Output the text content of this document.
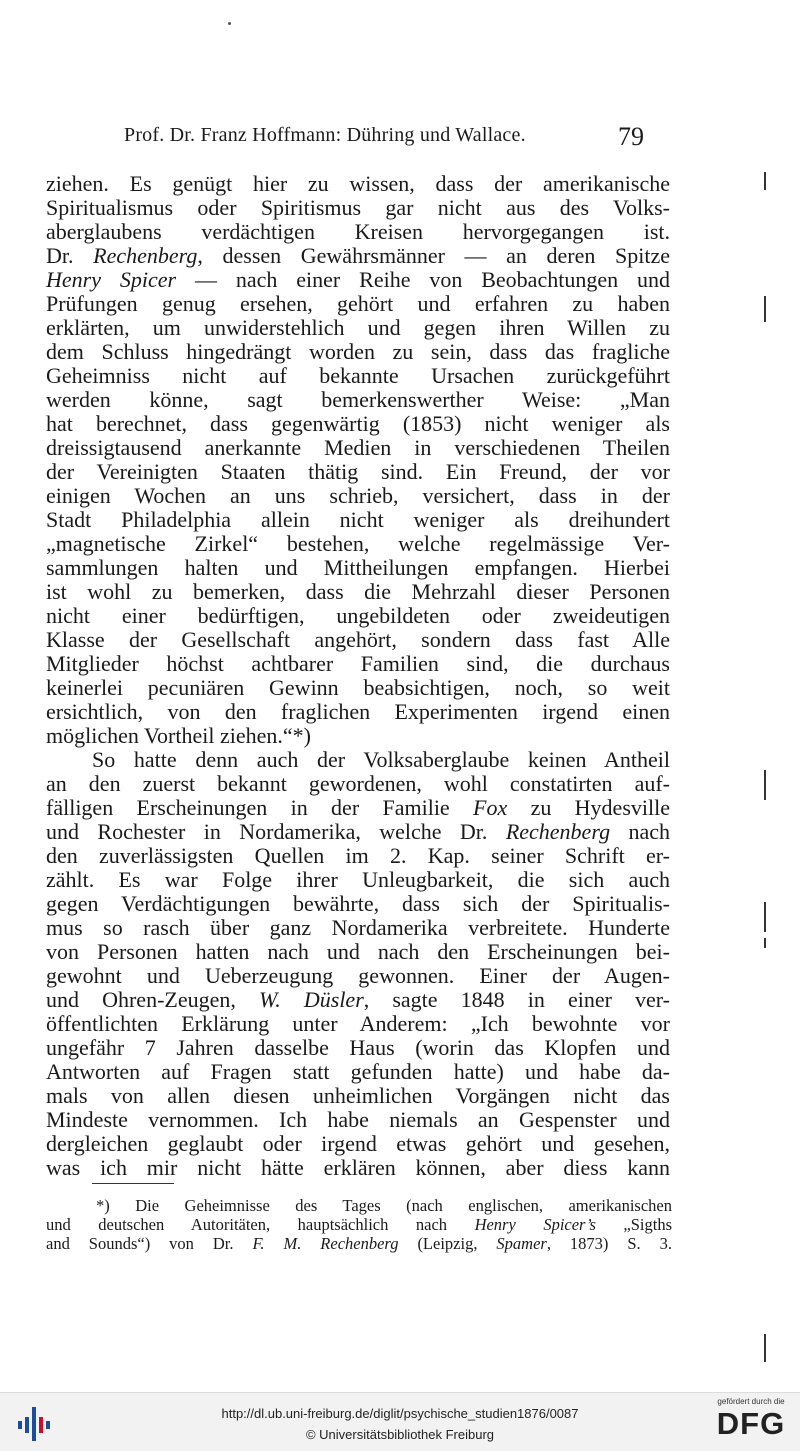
Prof. Dr. Franz Hoffmann: Dühring und Wallace.	79
ziehen. Es genügt hier zu wissen, dass der amerikanische
Spiritualismus oder Spiritismus gar nicht aus des Volks-
aberglaubens verdächtigen Kreisen hervorgegangen ist.
Dr. Rechenberg, dessen Gewährsmänner — an deren Spitze
Henry Spicer — nach einer Reihe von Beobachtungen und
Prüfungen genug ersehen, gehört und erfahren zu haben
erklärten, um unwiderstehlich und gegen ihren Willen zu
dem Schluss hingedrängt worden zu sein, dass das fragliche
Geheimniss nicht auf bekannte Ursachen zurückgeführt
werden könne, sagt bemerkenswerther Weise: „Man
hat berechnet, dass gegenwärtig (1853) nicht weniger als
dreissigtausend anerkannte Medien in verschiedenen Theilen
der Vereinigten Staaten thätig sind. Ein Freund, der vor
einigen Wochen an uns schrieb, versichert, dass in der
Stadt Philadelphia allein nicht weniger als dreihundert
„magnetische Zirkel“ bestehen, welche regelmässige Ver-
sammlungen halten und Mittheilungen empfangen. Hierbei
ist wohl zu bemerken, dass die Mehrzahl dieser Personen
nicht einer bedürftigen, ungebildeten oder zweideutigen
Klasse der Gesellschaft angehört, sondern dass fast Alle
Mitglieder höchst achtbarer Familien sind, die durchaus
keinerlei pecuniären Gewinn beabsichtigen, noch, so weit
ersichtlich, von den fraglichen Experimenten irgend einen
möglichen Vortheil ziehen.“*)
So hatte denn auch der Volksaberglaube keinen Antheil
an den zuerst bekannt gewordenen, wohl constatirten auf-
fälligen Erscheinungen in der Familie Fox zu Hydesville
und Rochester in Nordamerika, welche Dr. Rechenberg nach
den zuverlässigsten Quellen im 2. Kap. seiner Schrift er-
zählt. Es war Folge ihrer Unleugbarkeit, die sich auch
gegen Verdächtigungen bewährte, dass sich der Spiritualis-
mus so rasch über ganz Nordamerika verbreitete. Hunderte
von Personen hatten nach und nach den Erscheinungen bei-
gewohnt und Ueberzeugung gewonnen. Einer der Augen-
und Ohren-Zeugen, W. Düsler, sagte 1848 in einer ver-
öffentlichten Erklärung unter Anderem: „Ich bewohnte vor
ungefähr 7 Jahren dasselbe Haus (worin das Klopfen und
Antworten auf Fragen statt gefunden hatte) und habe da-
mals von allen diesen unheimlichen Vorgängen nicht das
Mindeste vernommen. Ich habe niemals an Gespenster und
dergleichen geglaubt oder irgend etwas gehört und gesehen,
was ich mir nicht hätte erklären können, aber diess kann
*) Die Geheimnisse des Tages (nach englischen, amerikanischen
und deutschen Autoritäten, hauptsächlich nach Henry Spicer’s „Sigths
and Sounds“) von Dr. F. M. Rechenberg (Leipzig, Spamer, 1873) S. 3.
http://dl.ub.uni-freiburg.de/diglit/psychische_studien1876/0087
© Universitätsbibliothek Freiburg
gefördert durch die
DFG
